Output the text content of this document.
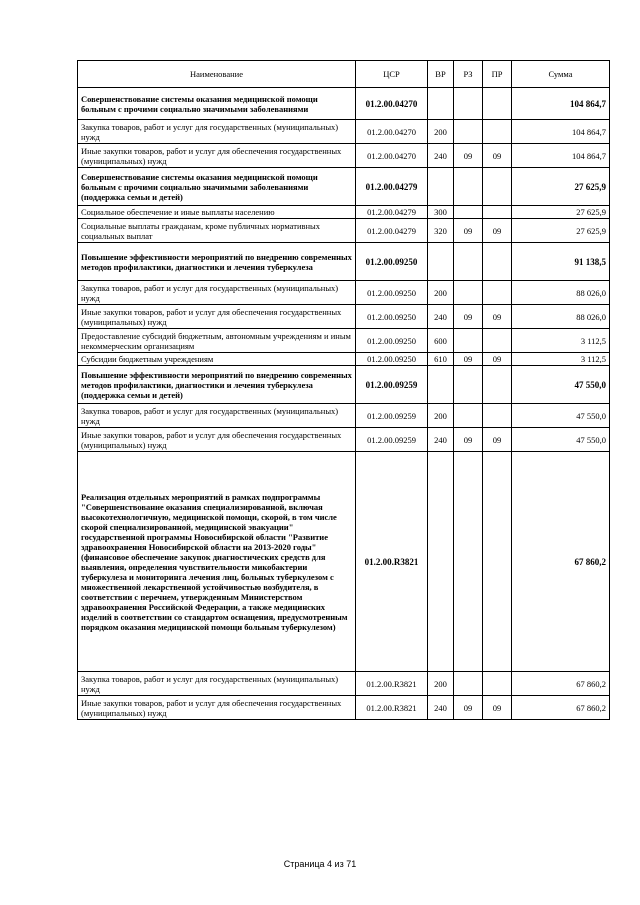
Наименование	ЦСР	ВР	РЗ	ПР	Сумма
Совершенствование системы оказания медицинской помощи больным с прочими социально значимыми заболеваниями	01.2.00.04270				104 864,7
Закупка товаров, работ и услуг для государственных (муниципальных) нужд	01.2.00.04270	200			104 864,7
Иные закупки товаров, работ и услуг для обеспечения государственных (муниципальных) нужд	01.2.00.04270	240	09	09	104 864,7
Совершенствование системы оказания медицинской помощи больным с прочими социально значимыми заболеваниями (поддержка семьи и детей)	01.2.00.04279				27 625,9
Социальное обеспечение и иные выплаты населению	01.2.00.04279	300			27 625,9
Социальные выплаты гражданам, кроме публичных нормативных социальных выплат	01.2.00.04279	320	09	09	27 625,9
Повышение эффективности мероприятий по внедрению современных методов профилактики, диагностики и лечения туберкулеза	01.2.00.09250				91 138,5
Закупка товаров, работ и услуг для государственных (муниципальных) нужд	01.2.00.09250	200			88 026,0
Иные закупки товаров, работ и услуг для обеспечения государственных (муниципальных) нужд	01.2.00.09250	240	09	09	88 026,0
Предоставление субсидий бюджетным, автономным учреждениям и иным некоммерческим организациям	01.2.00.09250	600			3 112,5
Субсидии бюджетным учреждениям	01.2.00.09250	610	09	09	3 112,5
Повышение эффективности мероприятий по внедрению современных методов профилактики, диагностики и лечения туберкулеза (поддержка семьи и детей)	01.2.00.09259				47 550,0
Закупка товаров, работ и услуг для государственных (муниципальных) нужд	01.2.00.09259	200			47 550,0
Иные закупки товаров, работ и услуг для обеспечения государственных (муниципальных) нужд	01.2.00.09259	240	09	09	47 550,0
Реализация отдельных мероприятий в рамках подпрограммы "Совершенствование оказания специализированной, включая высокотехнологичную, медицинской помощи, скорой, в том числе скорой специализированной, медицинской эвакуации" государственной программы Новосибирской области "Развитие здравоохранения Новосибирской области на 2013-2020 годы" (финансовое обеспечение закупок диагностических средств для выявления, определения чувствительности микобактерии туберкулеза и мониторинга лечения лиц, больных туберкулезом с множественной лекарственной устойчивостью возбудителя, в соответствии с перечнем, утвержденным Министерством здравоохранения Российской Федерации, а также медицинских изделий в соответствии со стандартом оснащения, предусмотренным порядком оказания медицинской помощи больным туберкулезом)	01.2.00.R3821				67 860,2
Закупка товаров, работ и услуг для государственных (муниципальных) нужд	01.2.00.R3821	200			67 860,2
Иные закупки товаров, работ и услуг для обеспечения государственных (муниципальных) нужд	01.2.00.R3821	240	09	09	67 860,2
Страница 4 из 71
